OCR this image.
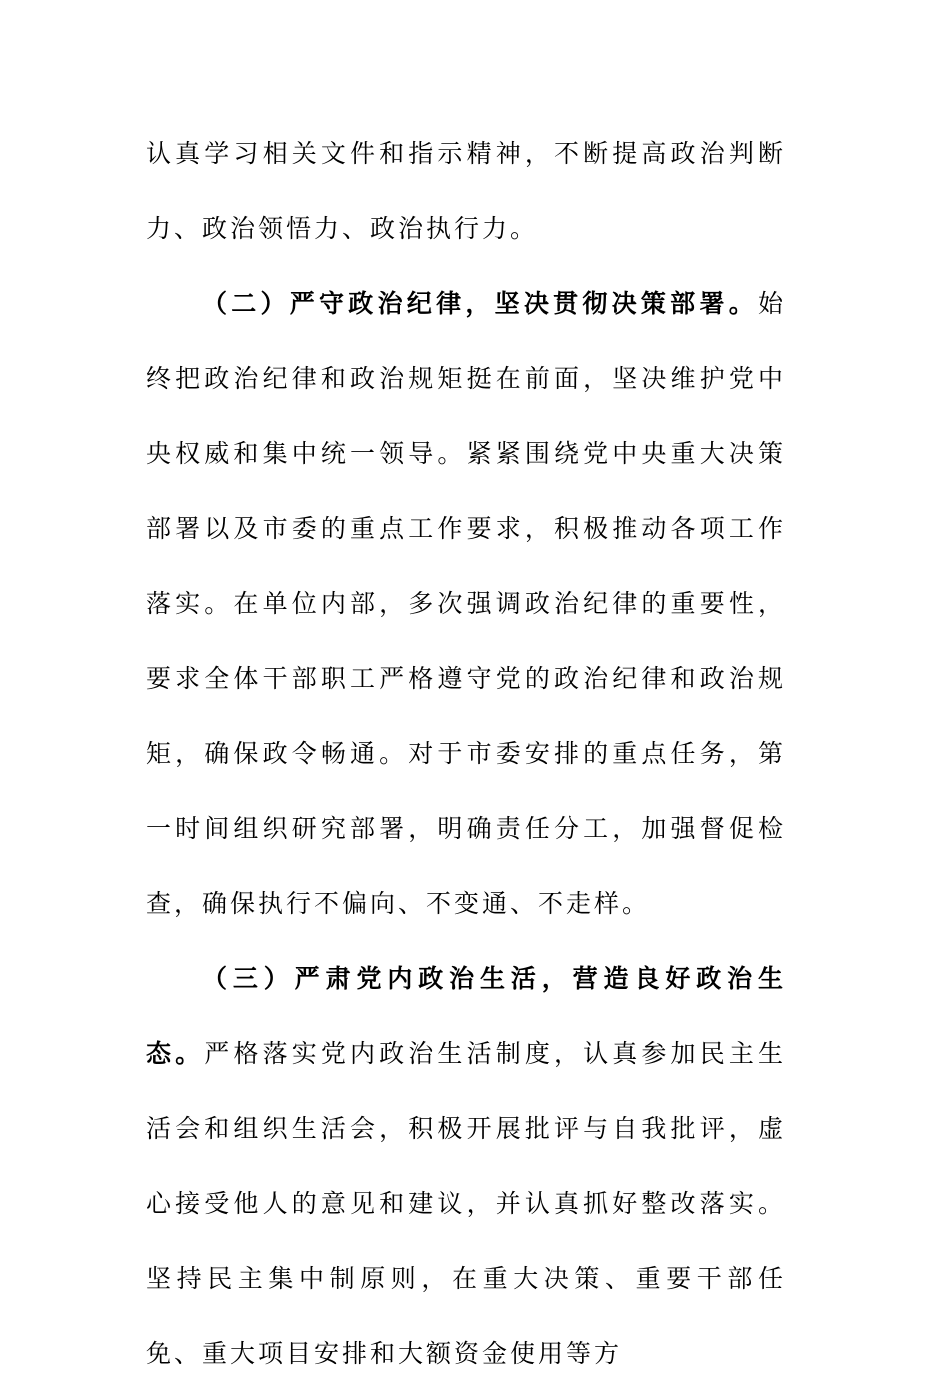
认真学习相关文件和指示精神，不断提高政治判断力、政治领悟力、政治执行力。

（二）严守政治纪律，坚决贯彻决策部署。始终把政治纪律和政治规矩挺在前面，坚决维护党中央权威和集中统一领导。紧紧围绕党中央重大决策部署以及市委的重点工作要求，积极推动各项工作落实。在单位内部，多次强调政治纪律的重要性，要求全体干部职工严格遵守党的政治纪律和政治规矩，确保政令畅通。对于市委安排的重点任务，第一时间组织研究部署，明确责任分工，加强督促检查，确保执行不偏向、不变通、不走样。

（三）严肃党内政治生活，营造良好政治生态。严格落实党内政治生活制度，认真参加民主生活会和组织生活会，积极开展批评与自我批评，虚心接受他人的意见和建议，并认真抓好整改落实。坚持民主集中制原则，在重大决策、重要干部任免、重大项目安排和大额资金使用等方
